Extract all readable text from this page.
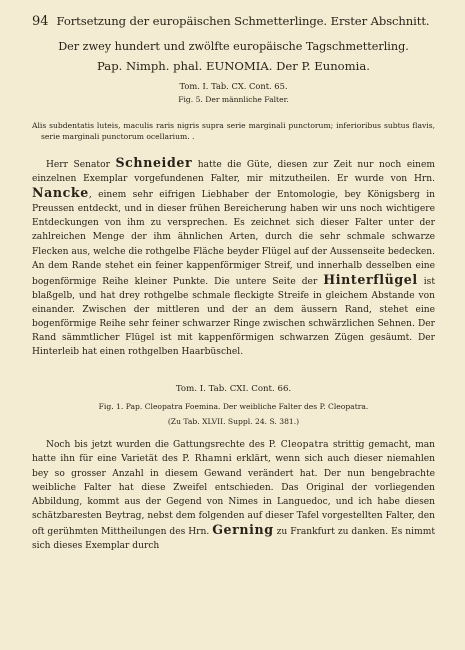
94 Fortsetzung der europäischen Schmetterlinge. Erster Abschnitt.
Der zwey hundert und zwölfte europäische Tagschmetterling.
Pap. Nimph. phal. EUNOMIA. Der P. Eunomia.
Tom. I. Tab. CX. Cont. 65.
Fig. 5. Der männliche Falter.
Alis subdentatis luteis, maculis raris nigris supra serie marginali punctorum; inferioribus subtus flavis, serie marginali punctorum ocellarium. .

Herr Senator Schneider hatte die Güte, diesen zur Zeit nur noch einem einzelnen Exemplar vorgefundenen Falter, mir mitzutheilen. Er wurde von Hrn. Nancke, einem sehr eifrigen Liebhaber der Entomologie, bey Königsberg in Preussen entdeckt, und in dieser frühen Bereicherung haben wir uns noch wichtigere Entdeckungen von ihm zu versprechen. Es zeichnet sich dieser Falter unter der zahlreichen Menge der ihm ähnlichen Arten, durch die sehr schmale schwarze Flecken aus, welche die rothgelbe Fläche beyder Flügel auf der Aussenseite bedecken. An dem Rande stehet ein feiner kappenförmiger Streif, und innerhalb desselben eine bogenförmige Reihe kleiner Punkte. Die untere Seite der Hinterflügel ist blaßgelb, und hat drey rothgelbe schmale fleckigte Streife in gleichem Abstande von einander. Zwischen der mittleren und der an dem äussern Rand, stehet eine bogenförmige Reihe sehr feiner schwarzer Ringe zwischen schwärzlichen Sehnen. Der Rand sämmtlicher Flügel ist mit kappenförmigen schwarzen Zügen gesäumt. Der Hinterleib hat einen rothgelben Haarbüschel.

Tom. I. Tab. CXI. Cont. 66.
Fig. 1. Pap. Cleopatra Foemina. Der weibliche Falter des P. Cleopatra.
(Zu Tab. XLVII. Suppl. 24. S. 381.)

Noch bis jetzt wurden die Gattungsrechte des P. Cleopatra strittig gemacht, man hatte ihn für eine Varietät des P. Rhamni erklärt, wenn sich auch dieser niemahlen bey so grosser Anzahl in diesem Gewand verändert hat. Der nun bengebrachte weibliche Falter hat diese Zweifel entschieden. Das Original der vorliegenden Abbildung, kommt aus der Gegend von Nimes in Languedoc, und ich habe diesen schätzbaresten Beytrag, nebst dem folgenden auf dieser Tafel vorgestellten Falter, den oft gerühmten Mittheilungen des Hrn. Gerning zu Frankfurt zu danken. Es nimmt sich dieses Exemplar durch
